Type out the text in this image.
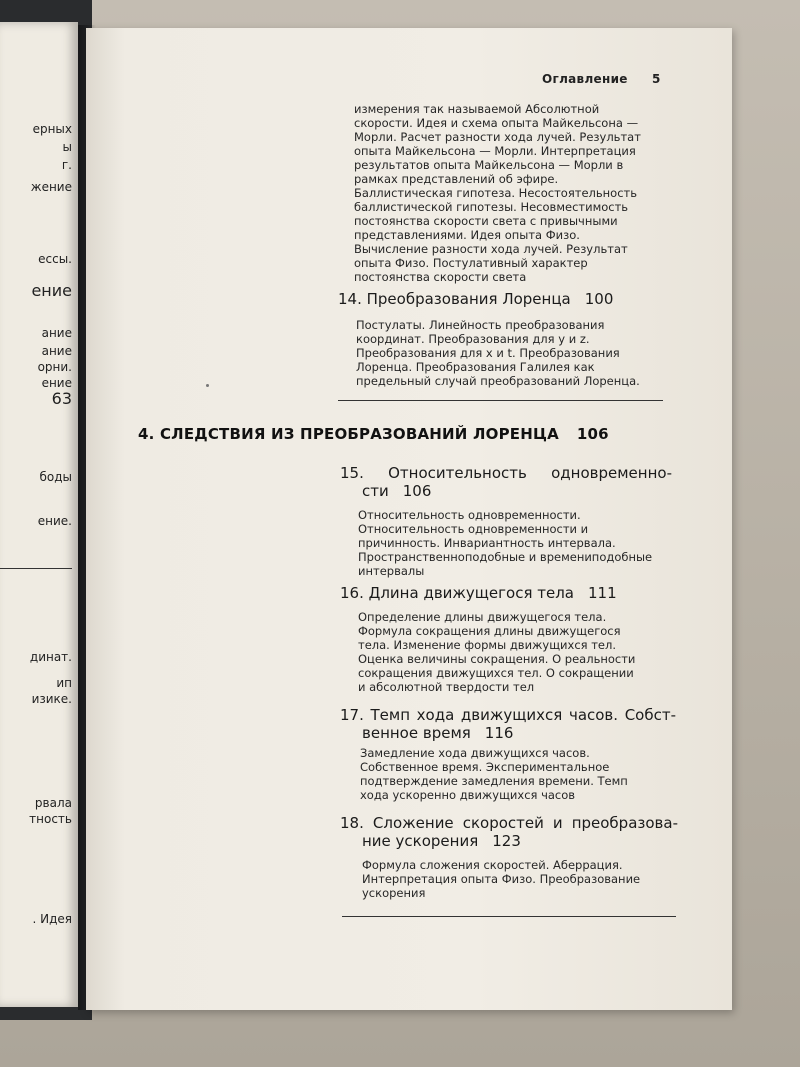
ерных
ы
г.
жение
ессы.
ение
ание
ание
орни.
ение
63
боды
ение.
динат.
ип
изике.
рвала
тность
. Идея
Оглавление 5
измерения так называемой Абсолютной
скорости. Идея и схема опыта Майкельсона —
Морли. Расчет разности хода лучей. Результат
опыта Майкельсона — Морли. Интерпретация
результатов опыта Майкельсона — Морли в
рамках представлений об эфире.
Баллистическая гипотеза. Несостоятельность
баллистической гипотезы. Несовместимость
постоянства скорости света с привычными
представлениями. Идея опыта Физо.
Вычисление разности хода лучей. Результат
опыта Физо. Постулативный характер
постоянства скорости света
14. Преобразования Лоренца 100
Постулаты. Линейность преобразования
координат. Преобразования для y и z.
Преобразования для x и t. Преобразования
Лоренца. Преобразования Галилея как
предельный случай преобразований Лоренца.
4. СЛЕДСТВИЯ ИЗ ПРЕОБРАЗОВАНИЙ ЛОРЕНЦА 106
15. Относительность одновременно-
сти 106
Относительность одновременности.
Относительность одновременности и
причинность. Инвариантность интервала.
Пространственноподобные и времениподобные
интервалы
16. Длина движущегося тела 111
Определение длины движущегося тела.
Формула сокращения длины движущегося
тела. Изменение формы движущихся тел.
Оценка величины сокращения. О реальности
сокращения движущихся тел. О сокращении
и абсолютной твердости тел
17. Темп хода движущихся часов. Собст-
венное время 116
Замедление хода движущихся часов.
Собственное время. Экспериментальное
подтверждение замедления времени. Темп
хода ускоренно движущихся часов
18. Сложение скоростей и преобразова-
ние ускорения 123
Формула сложения скоростей. Аберрация.
Интерпретация опыта Физо. Преобразование
ускорения
